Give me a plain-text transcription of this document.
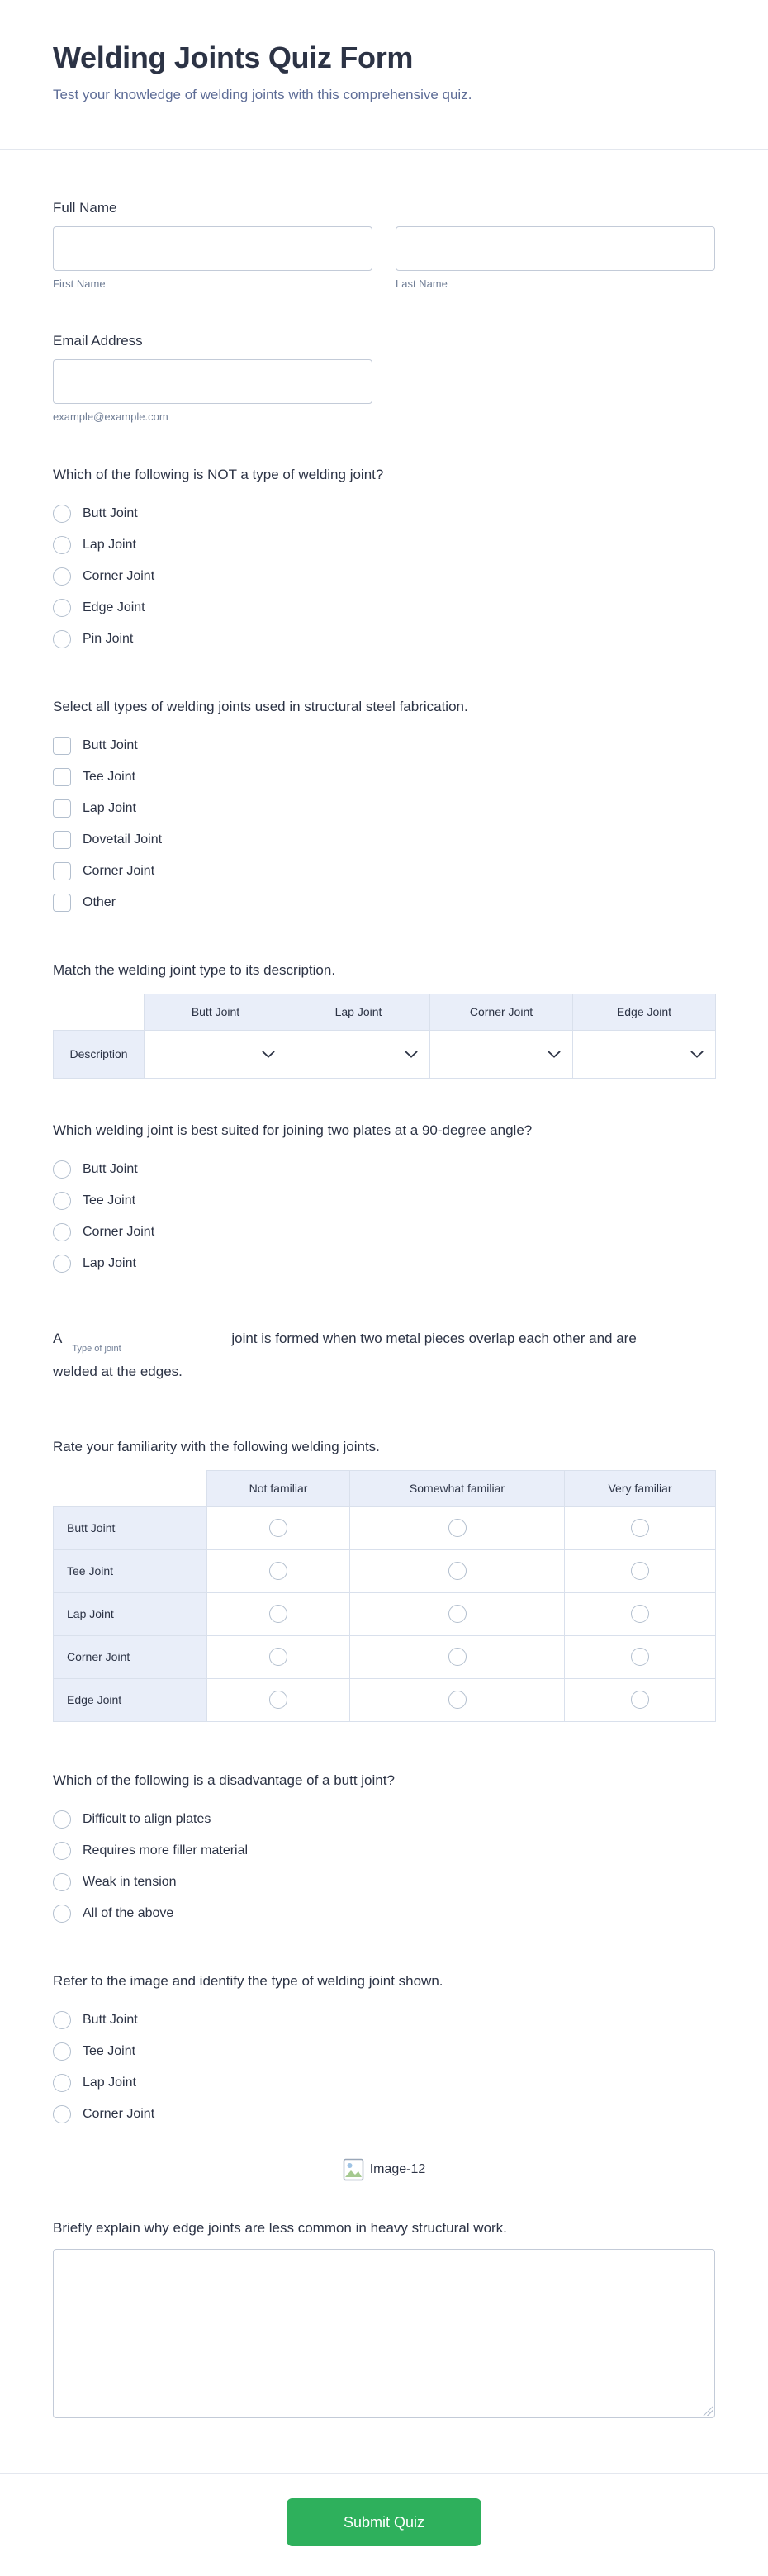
Welding Joints Quiz Form

Test your knowledge of welding joints with this comprehensive quiz.

Full Name
First Name	Last Name
Email Address
example@example.com
Which of the following is NOT a type of welding joint?
Butt Joint
Lap Joint
Corner Joint
Edge Joint
Pin Joint
Select all types of welding joints used in structural steel fabrication.
Butt Joint
Tee Joint
Lap Joint
Dovetail Joint
Corner Joint
Other
Match the welding joint type to its description.
	Butt Joint	Lap Joint	Corner Joint	Edge Joint
Description	

Which welding joint is best suited for joining two plates at a 90-degree angle?
Butt Joint
Tee Joint
Corner Joint
Lap Joint

A
Type of joint
joint is formed when two metal pieces overlap each other and are welded at the edges.

Rate your familiarity with the following welding joints.
	Not familiar	Somewhat familiar	Very familiar
Butt Joint			
Tee Joint			
Lap Joint			
Corner Joint			
Edge Joint			
Which of the following is a disadvantage of a butt joint?
Difficult to align plates
Requires more filler material
Weak in tension
All of the above
Refer to the image and identify the type of welding joint shown.
Butt Joint
Tee Joint
Lap Joint
Corner Joint
Image-12
Briefly explain why edge joints are less common in heavy structural work.
Submit Quiz
